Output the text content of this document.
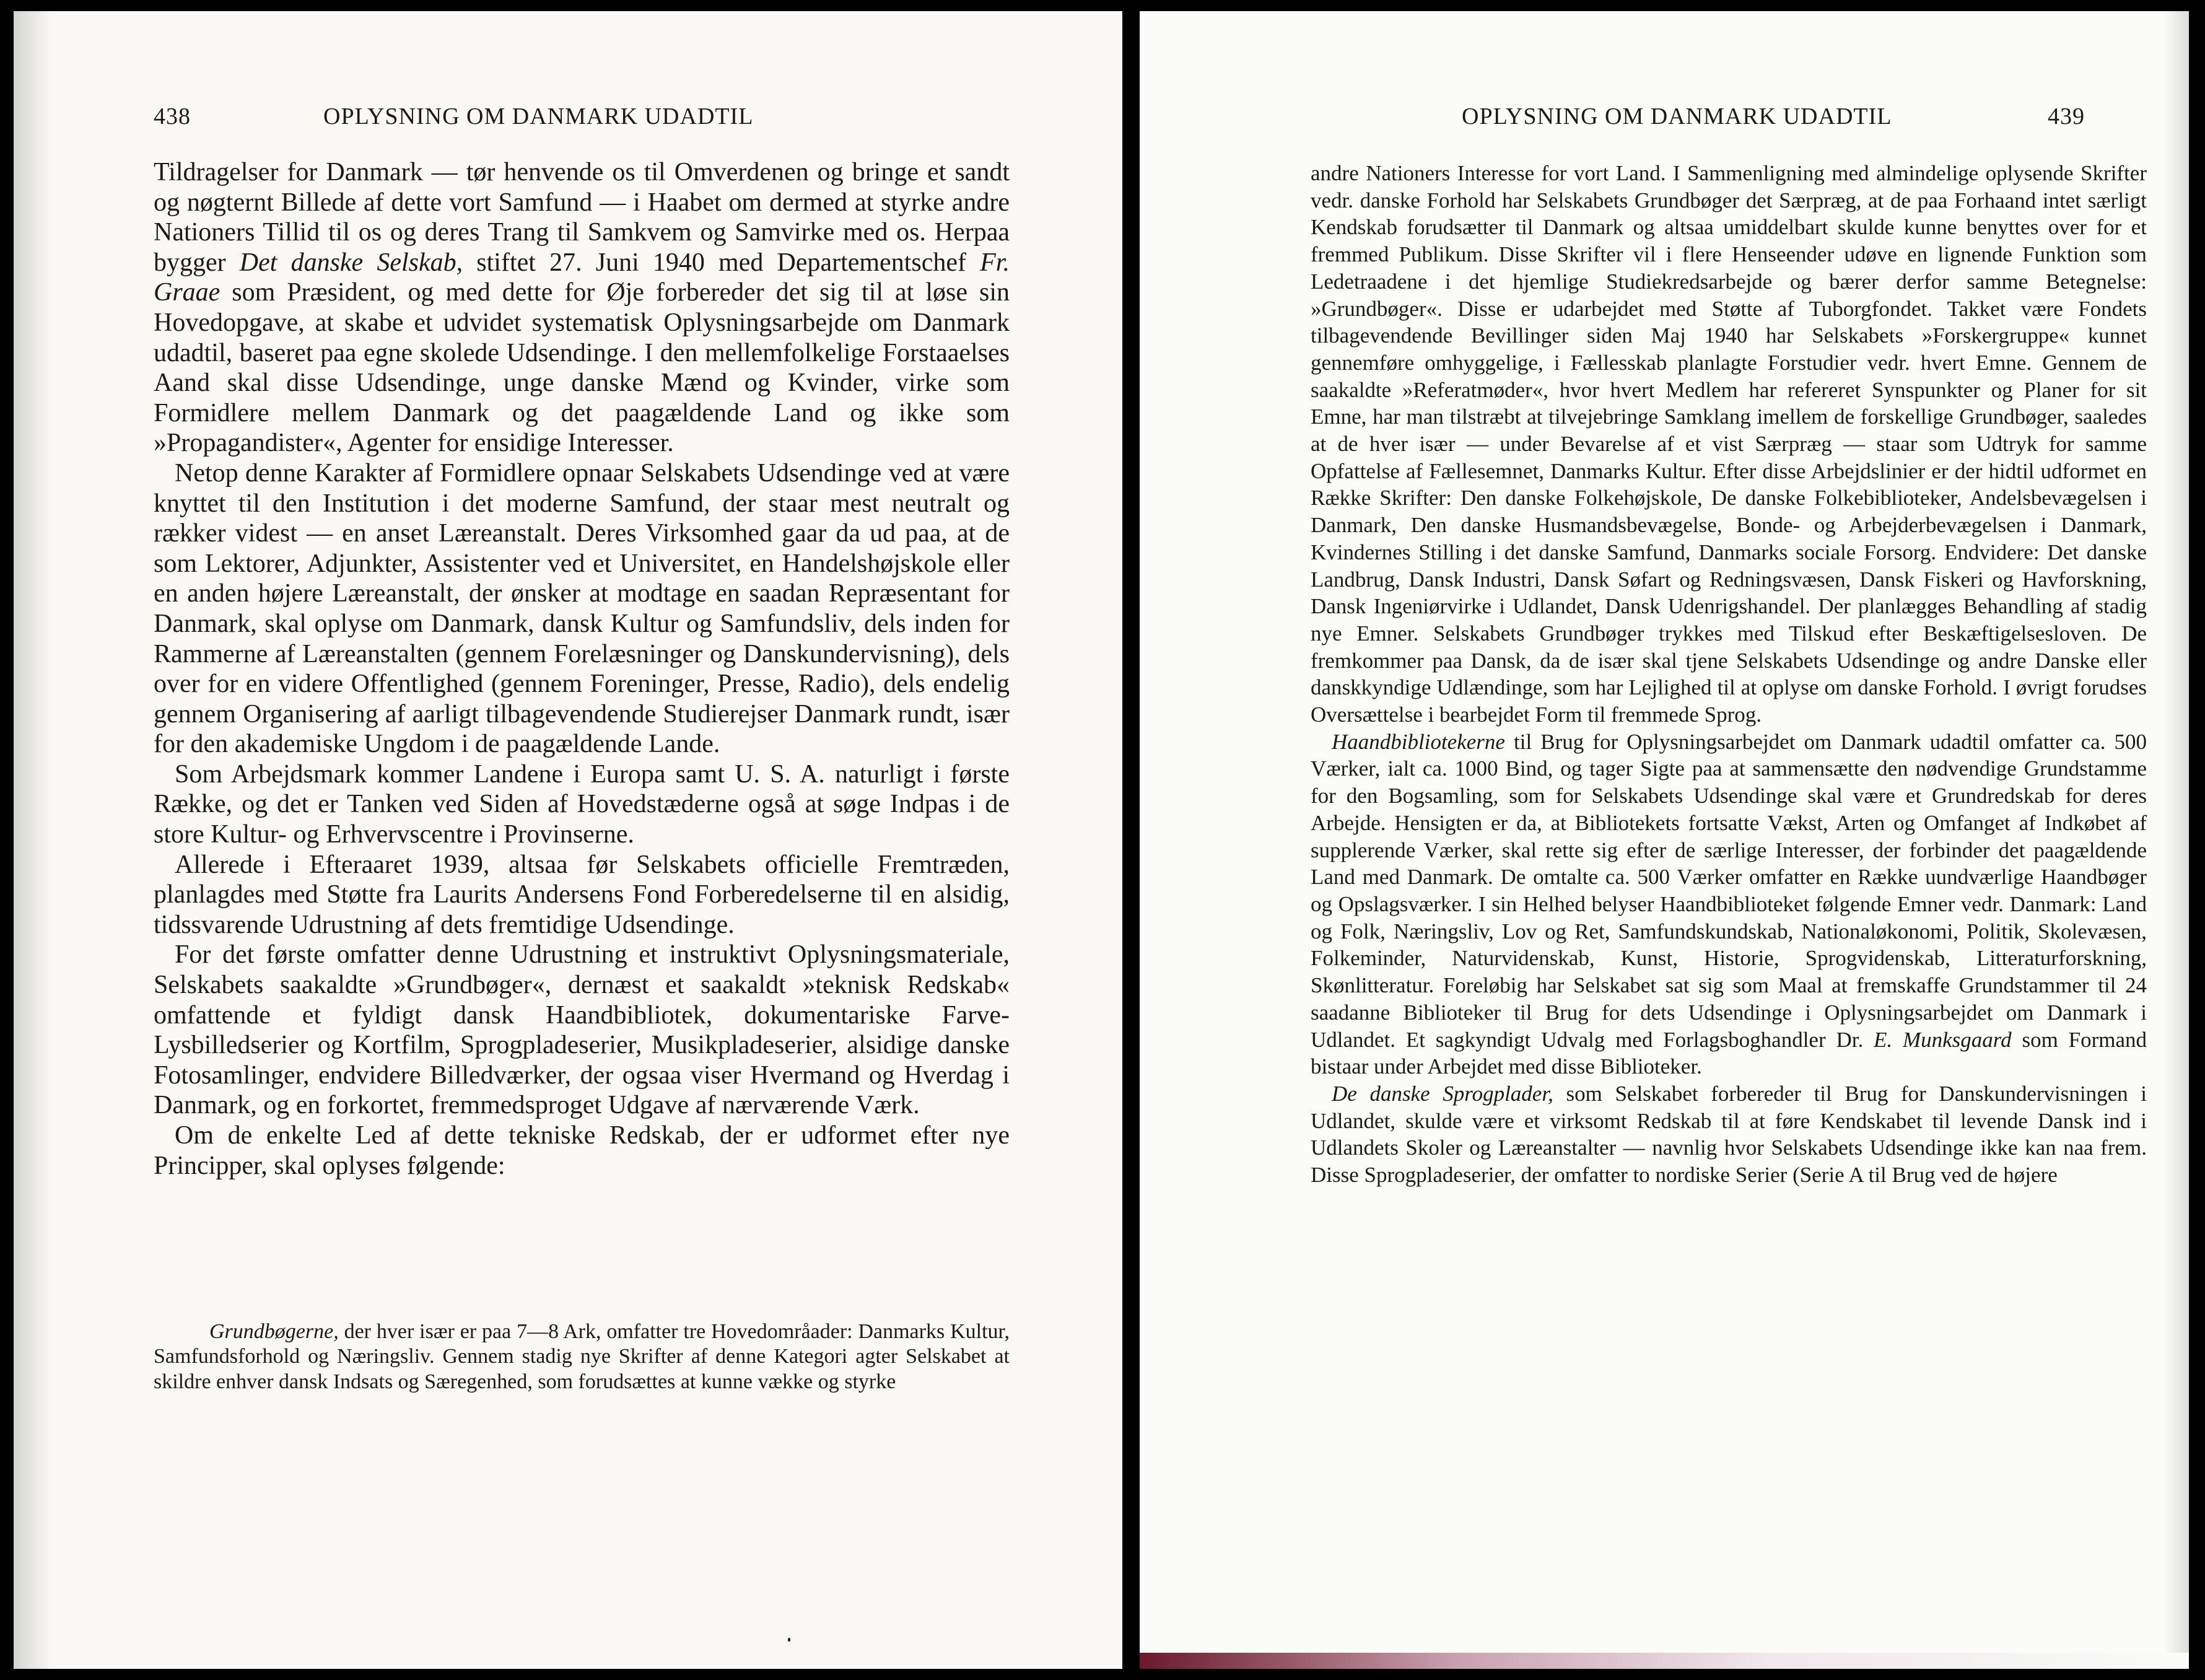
438	OPLYSNING OM DANMARK UDADTIL

Tildragelser for Danmark — tør henvende os til Omverdenen og bringe et sandt og nøgternt Billede af dette vort Samfund — i Haabet om dermed at styrke andre Nationers Tillid til os og deres Trang til Samkvem og Samvirke med os. Herpaa bygger Det danske Selskab, stiftet 27. Juni 1940 med Departementschef Fr. Graae som Præsident, og med dette for Øje forbereder det sig til at løse sin Hovedopgave, at skabe et udvidet systematisk Oplysningsarbejde om Danmark udadtil, baseret paa egne skolede Udsendinge. I den mellemfolkelige Forstaaelses Aand skal disse Udsendinge, unge danske Mænd og Kvinder, virke som Formidlere mellem Danmark og det paagældende Land og ikke som »Propagandister«, Agenter for ensidige Interesser.

Netop denne Karakter af Formidlere opnaar Selskabets Udsendinge ved at være knyttet til den Institution i det moderne Samfund, der staar mest neutralt og rækker videst — en anset Læreanstalt. Deres Virksomhed gaar da ud paa, at de som Lektorer, Adjunkter, Assistenter ved et Universitet, en Handelshøjskole eller en anden højere Læreanstalt, der ønsker at modtage en saadan Repræsentant for Danmark, skal oplyse om Danmark, dansk Kultur og Samfundsliv, dels inden for Rammerne af Læreanstalten (gennem Forelæsninger og Danskundervisning), dels over for en videre Offentlighed (gennem Foreninger, Presse, Radio), dels endelig gennem Organisering af aarligt tilbagevendende Studierejser Danmark rundt, især for den akademiske Ungdom i de paagældende Lande.

Som Arbejdsmark kommer Landene i Europa samt U. S. A. naturligt i første Række, og det er Tanken ved Siden af Hovedstæderne også at søge Indpas i de store Kultur- og Erhvervscentre i Provinserne.

Allerede i Efteraaret 1939, altsaa før Selskabets officielle Fremtræden, planlagdes med Støtte fra Laurits Andersens Fond Forberedelserne til en alsidig, tidssvarende Udrustning af dets fremtidige Udsendinge.

For det første omfatter denne Udrustning et instruktivt Oplysningsmateriale, Selskabets saakaldte »Grundbøger«, dernæst et saakaldt »teknisk Redskab« omfattende et fyldigt dansk Haandbibliotek, dokumentariske Farve-Lysbilledserier og Kortfilm, Sprogpladeserier, Musikpladeserier, alsidige danske Fotosamlinger, endvidere Billedværker, der ogsaa viser Hvermand og Hverdag i Danmark, og en forkortet, fremmedsproget Udgave af nærværende Værk.

Om de enkelte Led af dette tekniske Redskab, der er udformet efter nye Principper, skal oplyses følgende:

Grundbøgerne, der hver især er paa 7—8 Ark, omfatter tre Hovedområader: Danmarks Kultur, Samfundsforhold og Næringsliv. Gennem stadig nye Skrifter af denne Kategori agter Selskabet at skildre enhver dansk Indsats og Særegenhed, som forudsættes at kunne vække og styrke

OPLYSNING OM DANMARK UDADTIL	439

andre Nationers Interesse for vort Land. I Sammenligning med almindelige oplysende Skrifter vedr. danske Forhold har Selskabets Grundbøger det Særpræg, at de paa Forhaand intet særligt Kendskab forudsætter til Danmark og altsaa umiddelbart skulde kunne benyttes over for et fremmed Publikum. Disse Skrifter vil i flere Henseender udøve en lignende Funktion som Ledetraadene i det hjemlige Studiekredsarbejde og bærer derfor samme Betegnelse: »Grundbøger«. Disse er udarbejdet med Støtte af Tuborgfondet. Takket være Fondets tilbagevendende Bevillinger siden Maj 1940 har Selskabets »Forskergruppe« kunnet gennemføre omhyggelige, i Fællesskab planlagte Forstudier vedr. hvert Emne. Gennem de saakaldte »Referatmøder«, hvor hvert Medlem har refereret Synspunkter og Planer for sit Emne, har man tilstræbt at tilvejebringe Samklang imellem de forskellige Grundbøger, saaledes at de hver især — under Bevarelse af et vist Særpræg — staar som Udtryk for samme Opfattelse af Fællesemnet, Danmarks Kultur. Efter disse Arbejdslinier er der hidtil udformet en Række Skrifter: Den danske Folkehøjskole, De danske Folkebiblioteker, Andelsbevægelsen i Danmark, Den danske Husmandsbevægelse, Bonde- og Arbejderbevægelsen i Danmark, Kvindernes Stilling i det danske Samfund, Danmarks sociale Forsorg. Endvidere: Det danske Landbrug, Dansk Industri, Dansk Søfart og Redningsvæsen, Dansk Fiskeri og Havforskning, Dansk Ingeniørvirke i Udlandet, Dansk Udenrigshandel. Der planlægges Behandling af stadig nye Emner. Selskabets Grundbøger trykkes med Tilskud efter Beskæftigelsesloven. De fremkommer paa Dansk, da de især skal tjene Selskabets Udsendinge og andre Danske eller danskkyndige Udlændinge, som har Lejlighed til at oplyse om danske Forhold. I øvrigt forudses Oversættelse i bearbejdet Form til fremmede Sprog.

Haandbibliotekerne til Brug for Oplysningsarbejdet om Danmark udadtil omfatter ca. 500 Værker, ialt ca. 1000 Bind, og tager Sigte paa at sammensætte den nødvendige Grundstamme for den Bogsamling, som for Selskabets Udsendinge skal være et Grundredskab for deres Arbejde. Hensigten er da, at Bibliotekets fortsatte Vækst, Arten og Omfanget af Indkøbet af supplerende Værker, skal rette sig efter de særlige Interesser, der forbinder det paagældende Land med Danmark. De omtalte ca. 500 Værker omfatter en Række uundværlige Haandbøger og Opslagsværker. I sin Helhed belyser Haandbiblioteket følgende Emner vedr. Danmark: Land og Folk, Næringsliv, Lov og Ret, Samfundskundskab, Nationaløkonomi, Politik, Skolevæsen, Folkeminder, Naturvidenskab, Kunst, Historie, Sprogvidenskab, Litteraturforskning, Skønlitteratur. Foreløbig har Selskabet sat sig som Maal at fremskaffe Grundstammer til 24 saadanne Biblioteker til Brug for dets Udsendinge i Oplysningsarbejdet om Danmark i Udlandet. Et sagkyndigt Udvalg med Forlagsboghandler Dr. E. Munksgaard som Formand bistaar under Arbejdet med disse Biblioteker.

De danske Sprogplader, som Selskabet forbereder til Brug for Danskundervisningen i Udlandet, skulde være et virksomt Redskab til at føre Kendskabet til levende Dansk ind i Udlandets Skoler og Læreanstalter — navnlig hvor Selskabets Udsendinge ikke kan naa frem. Disse Sprogpladeserier, der omfatter to nordiske Serier (Serie A til Brug ved de højere
